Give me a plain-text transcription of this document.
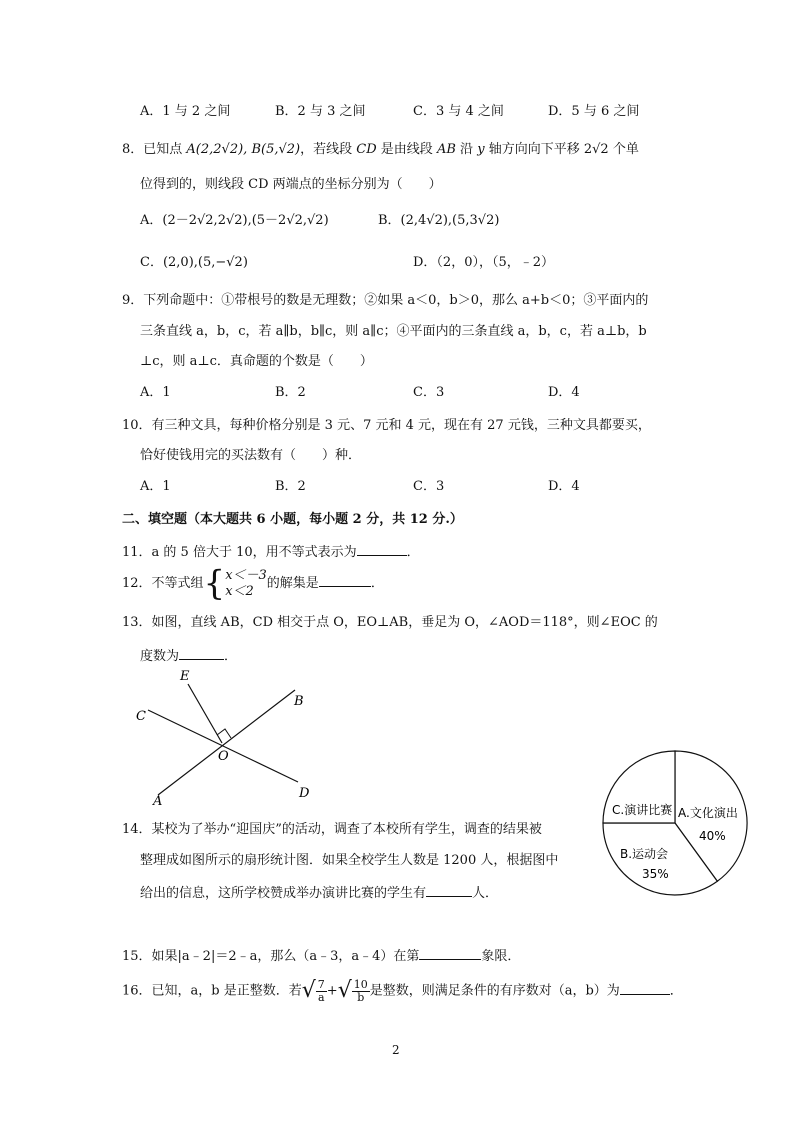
A．1 与 2 之间	B．2 与 3 之间	C．3 与 4 之间	D．5 与 6 之间
8．已知点 A(2,2√2), B(5,√2)，若线段 CD 是由线段 AB 沿 y 轴方向向下平移 2√2 个单
位得到的，则线段 CD 两端点的坐标分别为（　　）
A．(2－2√2,2√2),(5－2√2,√2)	B．(2,4√2),(5,3√2)
C．(2,0),(5,−√2)	D．（2，0），（5，﹣2）
9．下列命题中：①带根号的数是无理数；②如果 a＜0，b＞0，那么 a+b＜0；③平面内的
三条直线 a，b，c，若 a∥b，b∥c，则 a∥c；④平面内的三条直线 a，b，c，若 a⊥b，b
⊥c，则 a⊥c．真命题的个数是（　　）
A．1	B．2	C．3	D．4
10．有三种文具，每种价格分别是 3 元、7 元和 4 元，现在有 27 元钱，三种文具都要买，
恰好使钱用完的买法数有（　　）种．
A．1	B．2	C．3	D．4
二、填空题（本大题共 6 小题，每小题 2 分，共 12 分.）
11．a 的 5 倍大于 10，用不等式表示为	．
12．不等式组{x＜－3
x＜2 的解集是	．
13．如图，直线 AB，CD 相交于点 O，EO⊥AB，垂足为 O，∠AOD＝118°，则∠EOC 的
度数为	．
E
C
B
O
A
D
C.演讲比赛 A.文化演出
40%
B.运动会
35%
14．某校为了举办“迎国庆”的活动，调查了本校所有学生，调查的结果被
整理成如图所示的扇形统计图．如果全校学生人数是 1200 人，根据图中
给出的信息，这所学校赞成举办演讲比赛的学生有	人．
15．如果|a﹣2|＝2﹣a，那么（a﹣3，a﹣4）在第	象限．
16．已知，a，b 是正整数．若√ $\frac{7}{a}$ +√ $\frac{10}{b}$ 是整数，则满足条件的有序数对（a，b）为	．
2
